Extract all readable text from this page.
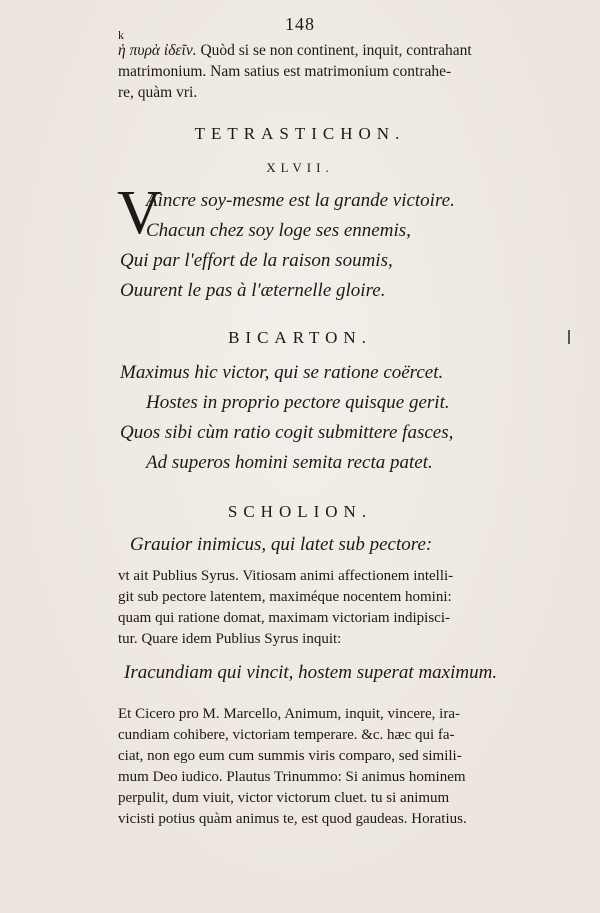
148
k
ἡ πυρὰ ἰδεῖν. Quòd si se non continent, inquit, contrahant
matrimonium. Nam satius est matrimonium contrahe-
re, quàm vri.
TETRASTICHON.
XLVII.
V
Aincre soy-mesme est la grande victoire.
Chacun chez soy loge ses ennemis,
Qui par l'effort de la raison soumis,
Ouurent le pas à l'æternelle gloire.
BICARTON.
Maximus hic victor, qui se ratione coërcet.
Hostes in proprio pectore quisque gerit.
Quos sibi cùm ratio cogit submittere fasces,
Ad superos homini semita recta patet.
SCHOLION.
Grauior inimicus, qui latet sub pectore:
vt ait Publius Syrus. Vitiosam animi affectionem intelli-
git sub pectore latentem, maximéque nocentem homini:
quam qui ratione domat, maximam victoriam indipisci-
tur. Quare idem Publius Syrus inquit:
Iracundiam qui vincit, hostem superat maximum.
Et Cicero pro M. Marcello, Animum, inquit, vincere, ira-
cundiam cohibere, victoriam temperare. &c. hæc qui fa-
ciat, non ego eum cum summis viris comparo, sed simili-
mum Deo iudico. Plautus Trinummo: Si animus hominem
perpulit, dum viuit, victor victorum cluet. tu si animum
vicisti potius quàm animus te, est quod gaudeas. Horatius.
